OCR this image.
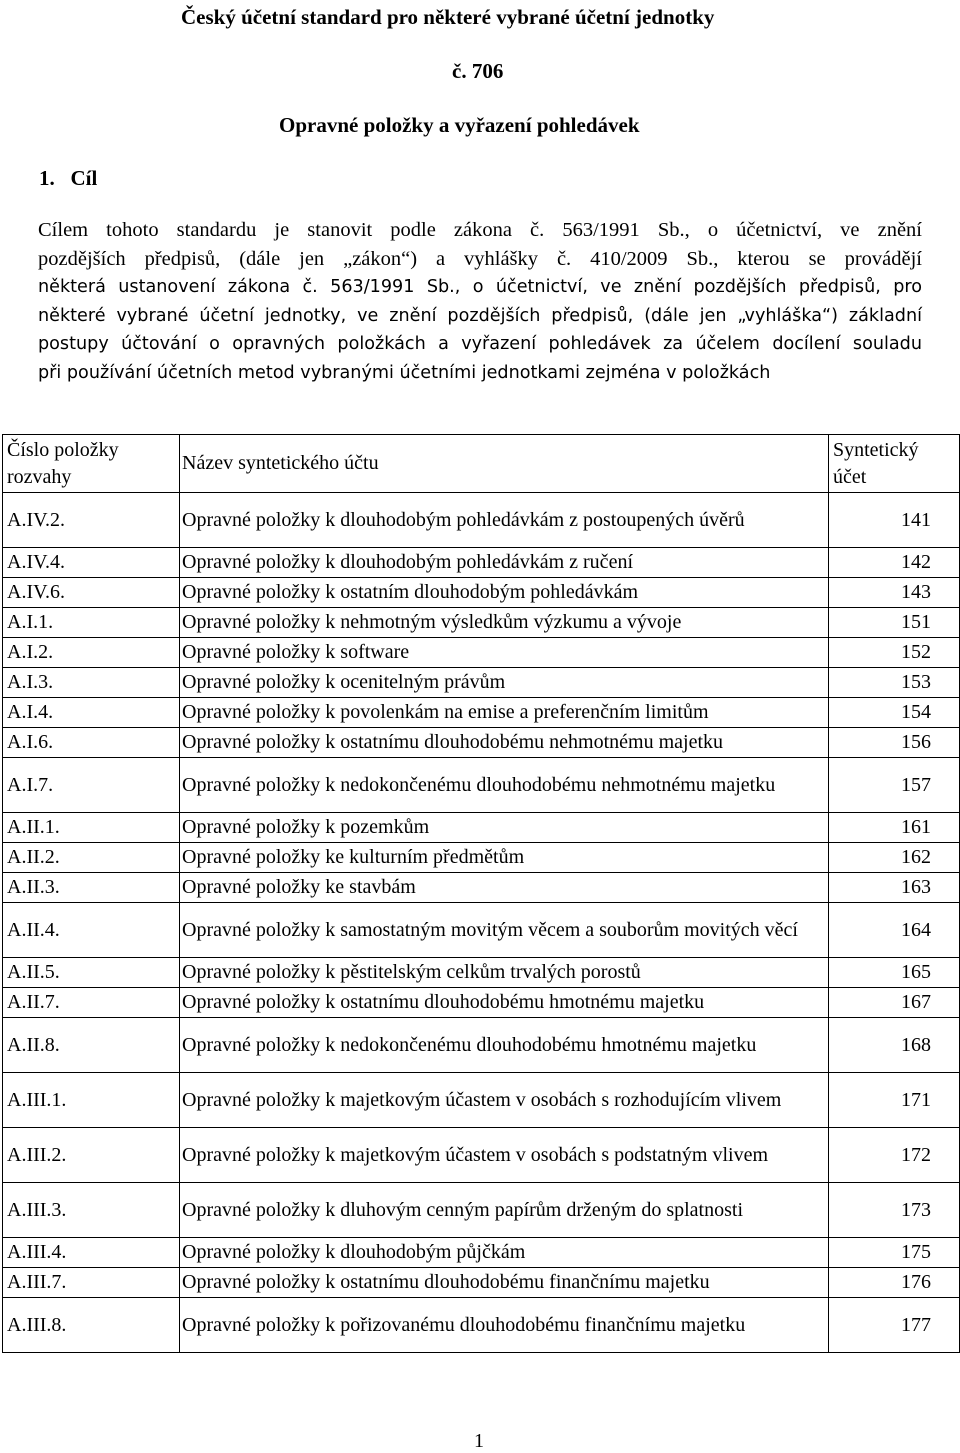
Český účetní standard pro některé vybrané účetní jednotky
č. 706
Opravné položky a vyřazení pohledávek
1.   Cíl
Cílem tohoto standardu je stanovit podle zákona č. 563/1991 Sb., o účetnictví, ve znění
pozdějších předpisů, (dále jen „zákon“) a vyhlášky č. 410/2009 Sb., kterou se provádějí
některá ustanovení zákona č. 563/1991 Sb., o účetnictví, ve znění pozdějších předpisů, pro
některé vybrané účetní jednotky, ve znění pozdějších předpisů, (dále jen „vyhláška“) základní
postupy účtování o opravných položkách a vyřazení pohledávek za účelem docílení souladu
při používání účetních metod vybranými účetními jednotkami zejména v položkách
Číslo položky rozvahy	Název syntetického účtu	Syntetický účet
A.IV.2.	Opravné položky k dlouhodobým pohledávkám z postoupených úvěrů	141
A.IV.4.	Opravné položky k dlouhodobým pohledávkám z ručení	142
A.IV.6.	Opravné položky k ostatním dlouhodobým pohledávkám	143
A.I.1.	Opravné položky k nehmotným výsledkům výzkumu a vývoje	151
A.I.2.	Opravné položky k software	152
A.I.3.	Opravné položky k ocenitelným právům	153
A.I.4.	Opravné položky k povolenkám na emise a preferenčním limitům	154
A.I.6.	Opravné položky k ostatnímu dlouhodobému nehmotnému majetku	156
A.I.7.	Opravné položky k nedokončenému dlouhodobému nehmotnému majetku	157
A.II.1.	Opravné položky k pozemkům	161
A.II.2.	Opravné položky ke kulturním předmětům	162
A.II.3.	Opravné položky ke stavbám	163
A.II.4.	Opravné položky k samostatným movitým věcem a souborům movitých věcí	164
A.II.5.	Opravné položky k pěstitelským celkům trvalých porostů	165
A.II.7.	Opravné položky k ostatnímu dlouhodobému hmotnému majetku	167
A.II.8.	Opravné položky k nedokončenému dlouhodobému hmotnému majetku	168
A.III.1.	Opravné položky k majetkovým účastem v osobách s rozhodujícím vlivem	171
A.III.2.	Opravné položky k majetkovým účastem v osobách s podstatným vlivem	172
A.III.3.	Opravné položky k dluhovým cenným papírům drženým do splatnosti	173
A.III.4.	Opravné položky k dlouhodobým půjčkám	175
A.III.7.	Opravné položky k ostatnímu dlouhodobému finančnímu majetku	176
A.III.8.	Opravné položky k pořizovanému dlouhodobému finančnímu majetku	177
1
